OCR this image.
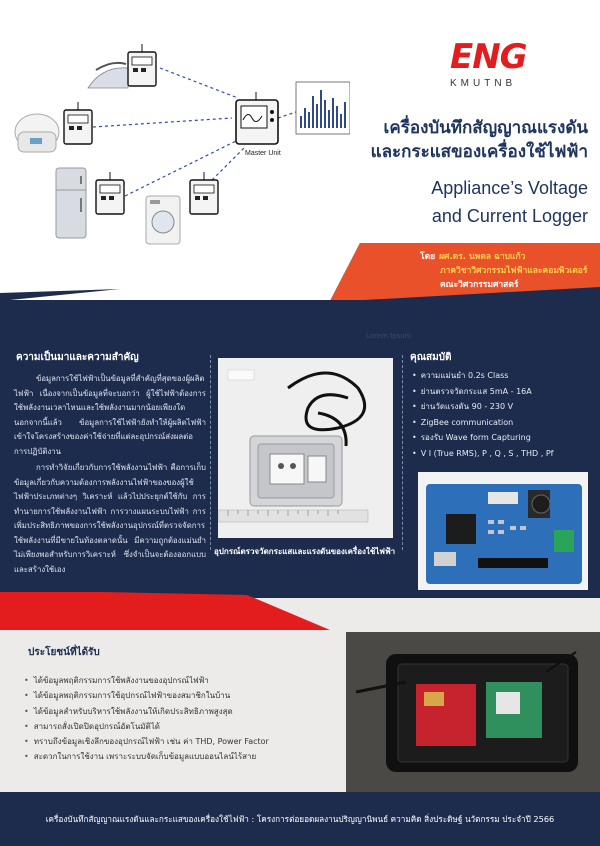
Master Unit
ENG
KMUTNB
เครื่องบันทึกสัญญาณแรงดัน
และกระแสของเครื่องใช้ไฟฟ้า
Appliance’s Voltage
and Current Logger
โดย ผศ.ดร. นพดล ฉาบแก้ว
ภาควิชาวิศวกรรมไฟฟ้าและคอมพิวเตอร์
คณะวิศวกรรมศาสตร์
Lorem Ipsum
ความเป็นมาและความสำคัญ

ข้อมูลการใช้ไฟฟ้าเป็นข้อมูลที่สำคัญที่สุดของผู้ผลิตไฟฟ้า เนื่องจากเป็นข้อมูลที่จะบอกว่า ผู้ใช้ไฟฟ้าต้องการใช้พลังงานเวลาไหนและใช้พลังงานมากน้อยเพียงใด นอกจากนี้แล้ว ข้อมูลการใช้ไฟฟ้ายังทำให้ผู้ผลิตไฟฟ้าเข้าใจโครงสร้างของค่าใช้จ่ายที่แต่ละอุปกรณ์ส่งผลต่อการปฏิบัติงาน

การทำวิจัยเกี่ยวกับการใช้พลังงานไฟฟ้า คือการเก็บข้อมูลเกี่ยวกับความต้องการพลังงานไฟฟ้าของของผู้ใช้ไฟฟ้าประเภทต่างๆ วิเคราะห์ แล้วไปประยุกต์ใช้กับ การทำนายการใช้พลังงานไฟฟ้า การวางแผนระบบไฟฟ้า การเพิ่มประสิทธิภาพของการใช้พลังงานอุปกรณ์ที่ตรวจจัดการใช้พลังงานที่มีขายในท้องตลาดนั้น มีความถูกต้องแม่นยำไม่เพียงพอสำหรับการวิเคราะห์ ซึ่งจำเป็นจะต้องออกแบบและสร้างใช้เอง

อุปกรณ์ตรวจวัดกระแสและแรงดันของเครื่องใช้ไฟฟ้า
คุณสมบัติ
• ความแม่นยำ 0.2s Class
• ย่านตรวจวัดกระแส 5mA - 16A
• ย่านวัดแรงดัน 90 - 230 V
• ZigBee communication
• รองรับ Wave form Capturing
• V I (True RMS), P , Q , S , THD , Pf
ประโยชน์ที่ได้รับ
• ได้ข้อมูลพฤติกรรมการใช้พลังงานของอุปกรณ์ไฟฟ้า
• ได้ข้อมูลพฤติกรรมการใช้อุปกรณ์ไฟฟ้าของสมาชิกในบ้าน
• ได้ข้อมูลสำหรับบริหารใช้พลังงานให้เกิดประสิทธิภาพสูงสุด
• สามารถสั่งเปิดปิดอุปกรณ์อัตโนมัติได้
• ทราบถึงข้อมูลเชิงลึกของอุปกรณ์ไฟฟ้า เช่น ค่า THD, Power Factor
• สะดวกในการใช้งาน เพราะระบบจัดเก็บข้อมูลแบบออนไลน์ไร้สาย
เครื่องบันทึกสัญญาณแรงดันและกระแสของเครื่องใช้ไฟฟ้า : โครงการต่อยอดผลงานปริญญานิพนธ์ ความคิด สิ่งประดิษฐ์ นวัตกรรม ประจำปี 2566
